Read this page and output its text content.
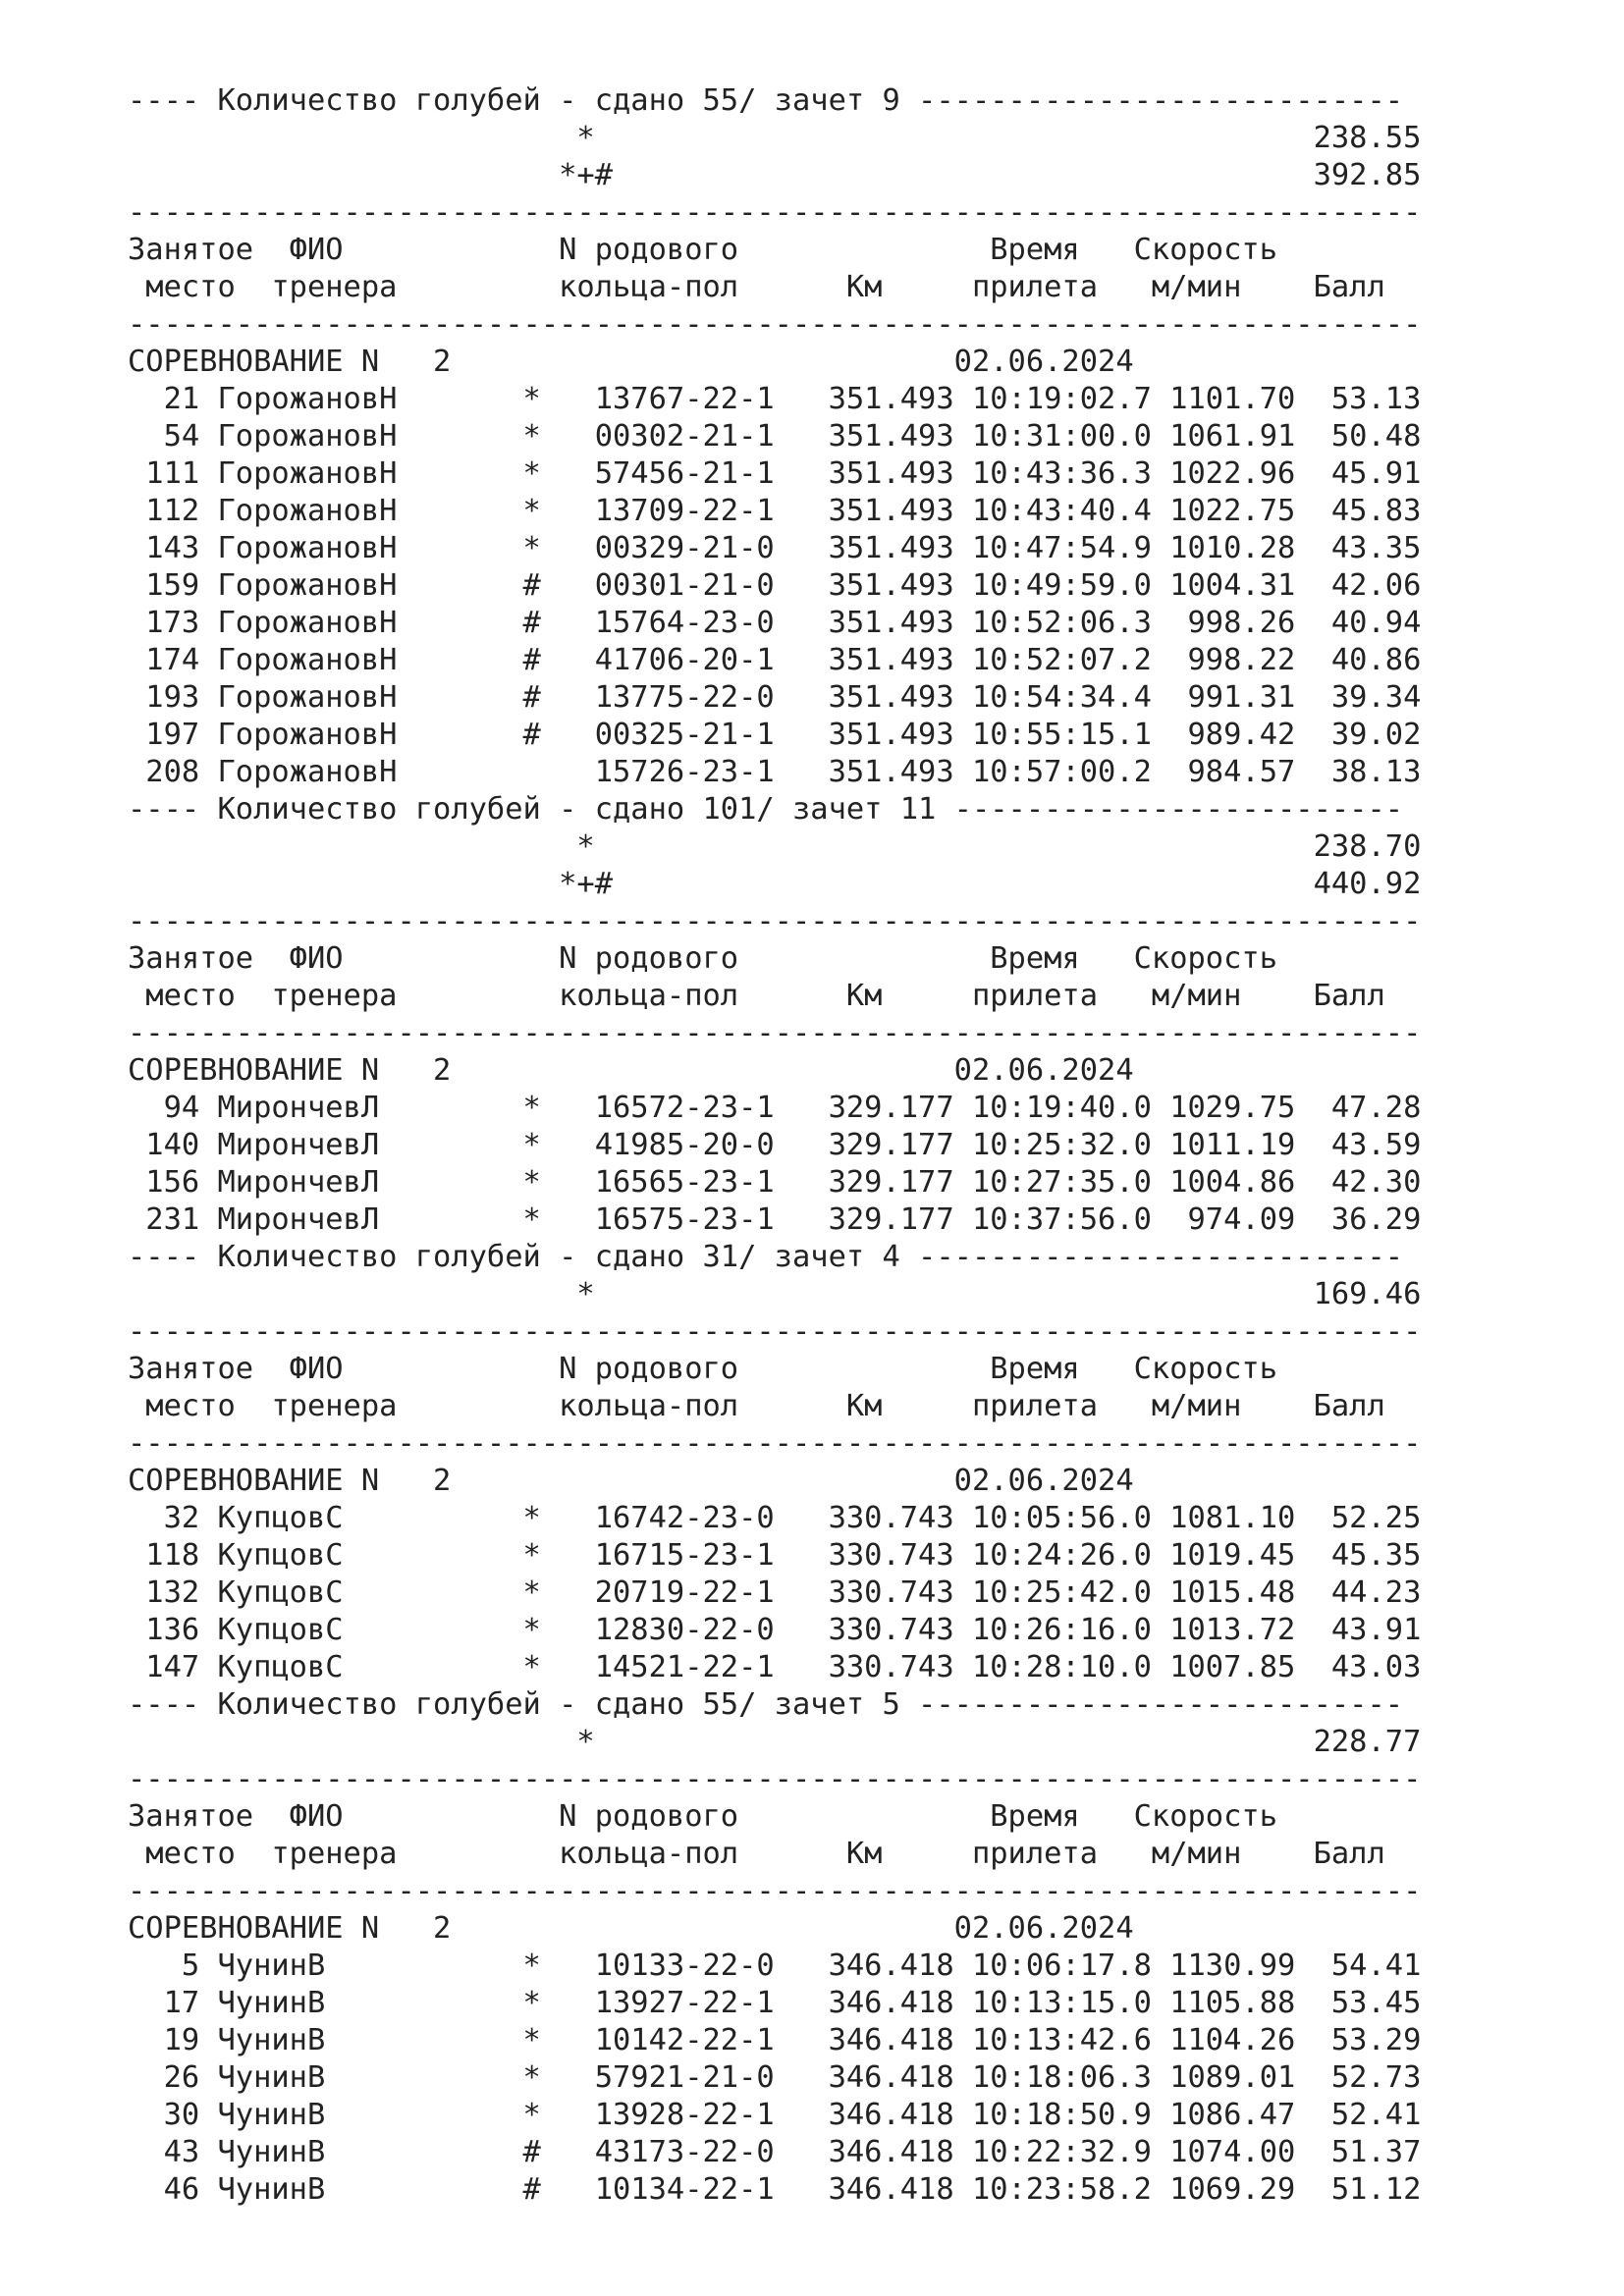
---- Количество голубей - сдано 55/ зачет 9 ---------------------------
*                                        238.55
*+#                                       392.85
------------------------------------------------------------------------
Занятое  ФИО            N родового              Время   Скорость
место  тренера         кольца-пол      Км     прилета   м/мин    Балл
------------------------------------------------------------------------
СОРЕВНОВАНИЕ N   2                            02.06.2024
21 ГорожановН       *   13767-22-1   351.493 10:19:02.7 1101.70  53.13
54 ГорожановН       *   00302-21-1   351.493 10:31:00.0 1061.91  50.48
111 ГорожановН       *   57456-21-1   351.493 10:43:36.3 1022.96  45.91
112 ГорожановН       *   13709-22-1   351.493 10:43:40.4 1022.75  45.83
143 ГорожановН       *   00329-21-0   351.493 10:47:54.9 1010.28  43.35
159 ГорожановН       #   00301-21-0   351.493 10:49:59.0 1004.31  42.06
173 ГорожановН       #   15764-23-0   351.493 10:52:06.3  998.26  40.94
174 ГорожановН       #   41706-20-1   351.493 10:52:07.2  998.22  40.86
193 ГорожановН       #   13775-22-0   351.493 10:54:34.4  991.31  39.34
197 ГорожановН       #   00325-21-1   351.493 10:55:15.1  989.42  39.02
208 ГорожановН           15726-23-1   351.493 10:57:00.2  984.57  38.13
---- Количество голубей - сдано 101/ зачет 11 -------------------------
*                                        238.70
*+#                                       440.92
------------------------------------------------------------------------
Занятое  ФИО            N родового              Время   Скорость
место  тренера         кольца-пол      Км     прилета   м/мин    Балл
------------------------------------------------------------------------
СОРЕВНОВАНИЕ N   2                            02.06.2024
94 МирончевЛ        *   16572-23-1   329.177 10:19:40.0 1029.75  47.28
140 МирончевЛ        *   41985-20-0   329.177 10:25:32.0 1011.19  43.59
156 МирончевЛ        *   16565-23-1   329.177 10:27:35.0 1004.86  42.30
231 МирончевЛ        *   16575-23-1   329.177 10:37:56.0  974.09  36.29
---- Количество голубей - сдано 31/ зачет 4 ---------------------------
*                                        169.46
------------------------------------------------------------------------
Занятое  ФИО            N родового              Время   Скорость
место  тренера         кольца-пол      Км     прилета   м/мин    Балл
------------------------------------------------------------------------
СОРЕВНОВАНИЕ N   2                            02.06.2024
32 КупцовС          *   16742-23-0   330.743 10:05:56.0 1081.10  52.25
118 КупцовС          *   16715-23-1   330.743 10:24:26.0 1019.45  45.35
132 КупцовС          *   20719-22-1   330.743 10:25:42.0 1015.48  44.23
136 КупцовС          *   12830-22-0   330.743 10:26:16.0 1013.72  43.91
147 КупцовС          *   14521-22-1   330.743 10:28:10.0 1007.85  43.03
---- Количество голубей - сдано 55/ зачет 5 ---------------------------
*                                        228.77
------------------------------------------------------------------------
Занятое  ФИО            N родового              Время   Скорость
место  тренера         кольца-пол      Км     прилета   м/мин    Балл
------------------------------------------------------------------------
СОРЕВНОВАНИЕ N   2                            02.06.2024
5 ЧунинВ           *   10133-22-0   346.418 10:06:17.8 1130.99  54.41
17 ЧунинВ           *   13927-22-1   346.418 10:13:15.0 1105.88  53.45
19 ЧунинВ           *   10142-22-1   346.418 10:13:42.6 1104.26  53.29
26 ЧунинВ           *   57921-21-0   346.418 10:18:06.3 1089.01  52.73
30 ЧунинВ           *   13928-22-1   346.418 10:18:50.9 1086.47  52.41
43 ЧунинВ           #   43173-22-0   346.418 10:22:32.9 1074.00  51.37
46 ЧунинВ           #   10134-22-1   346.418 10:23:58.2 1069.29  51.12
